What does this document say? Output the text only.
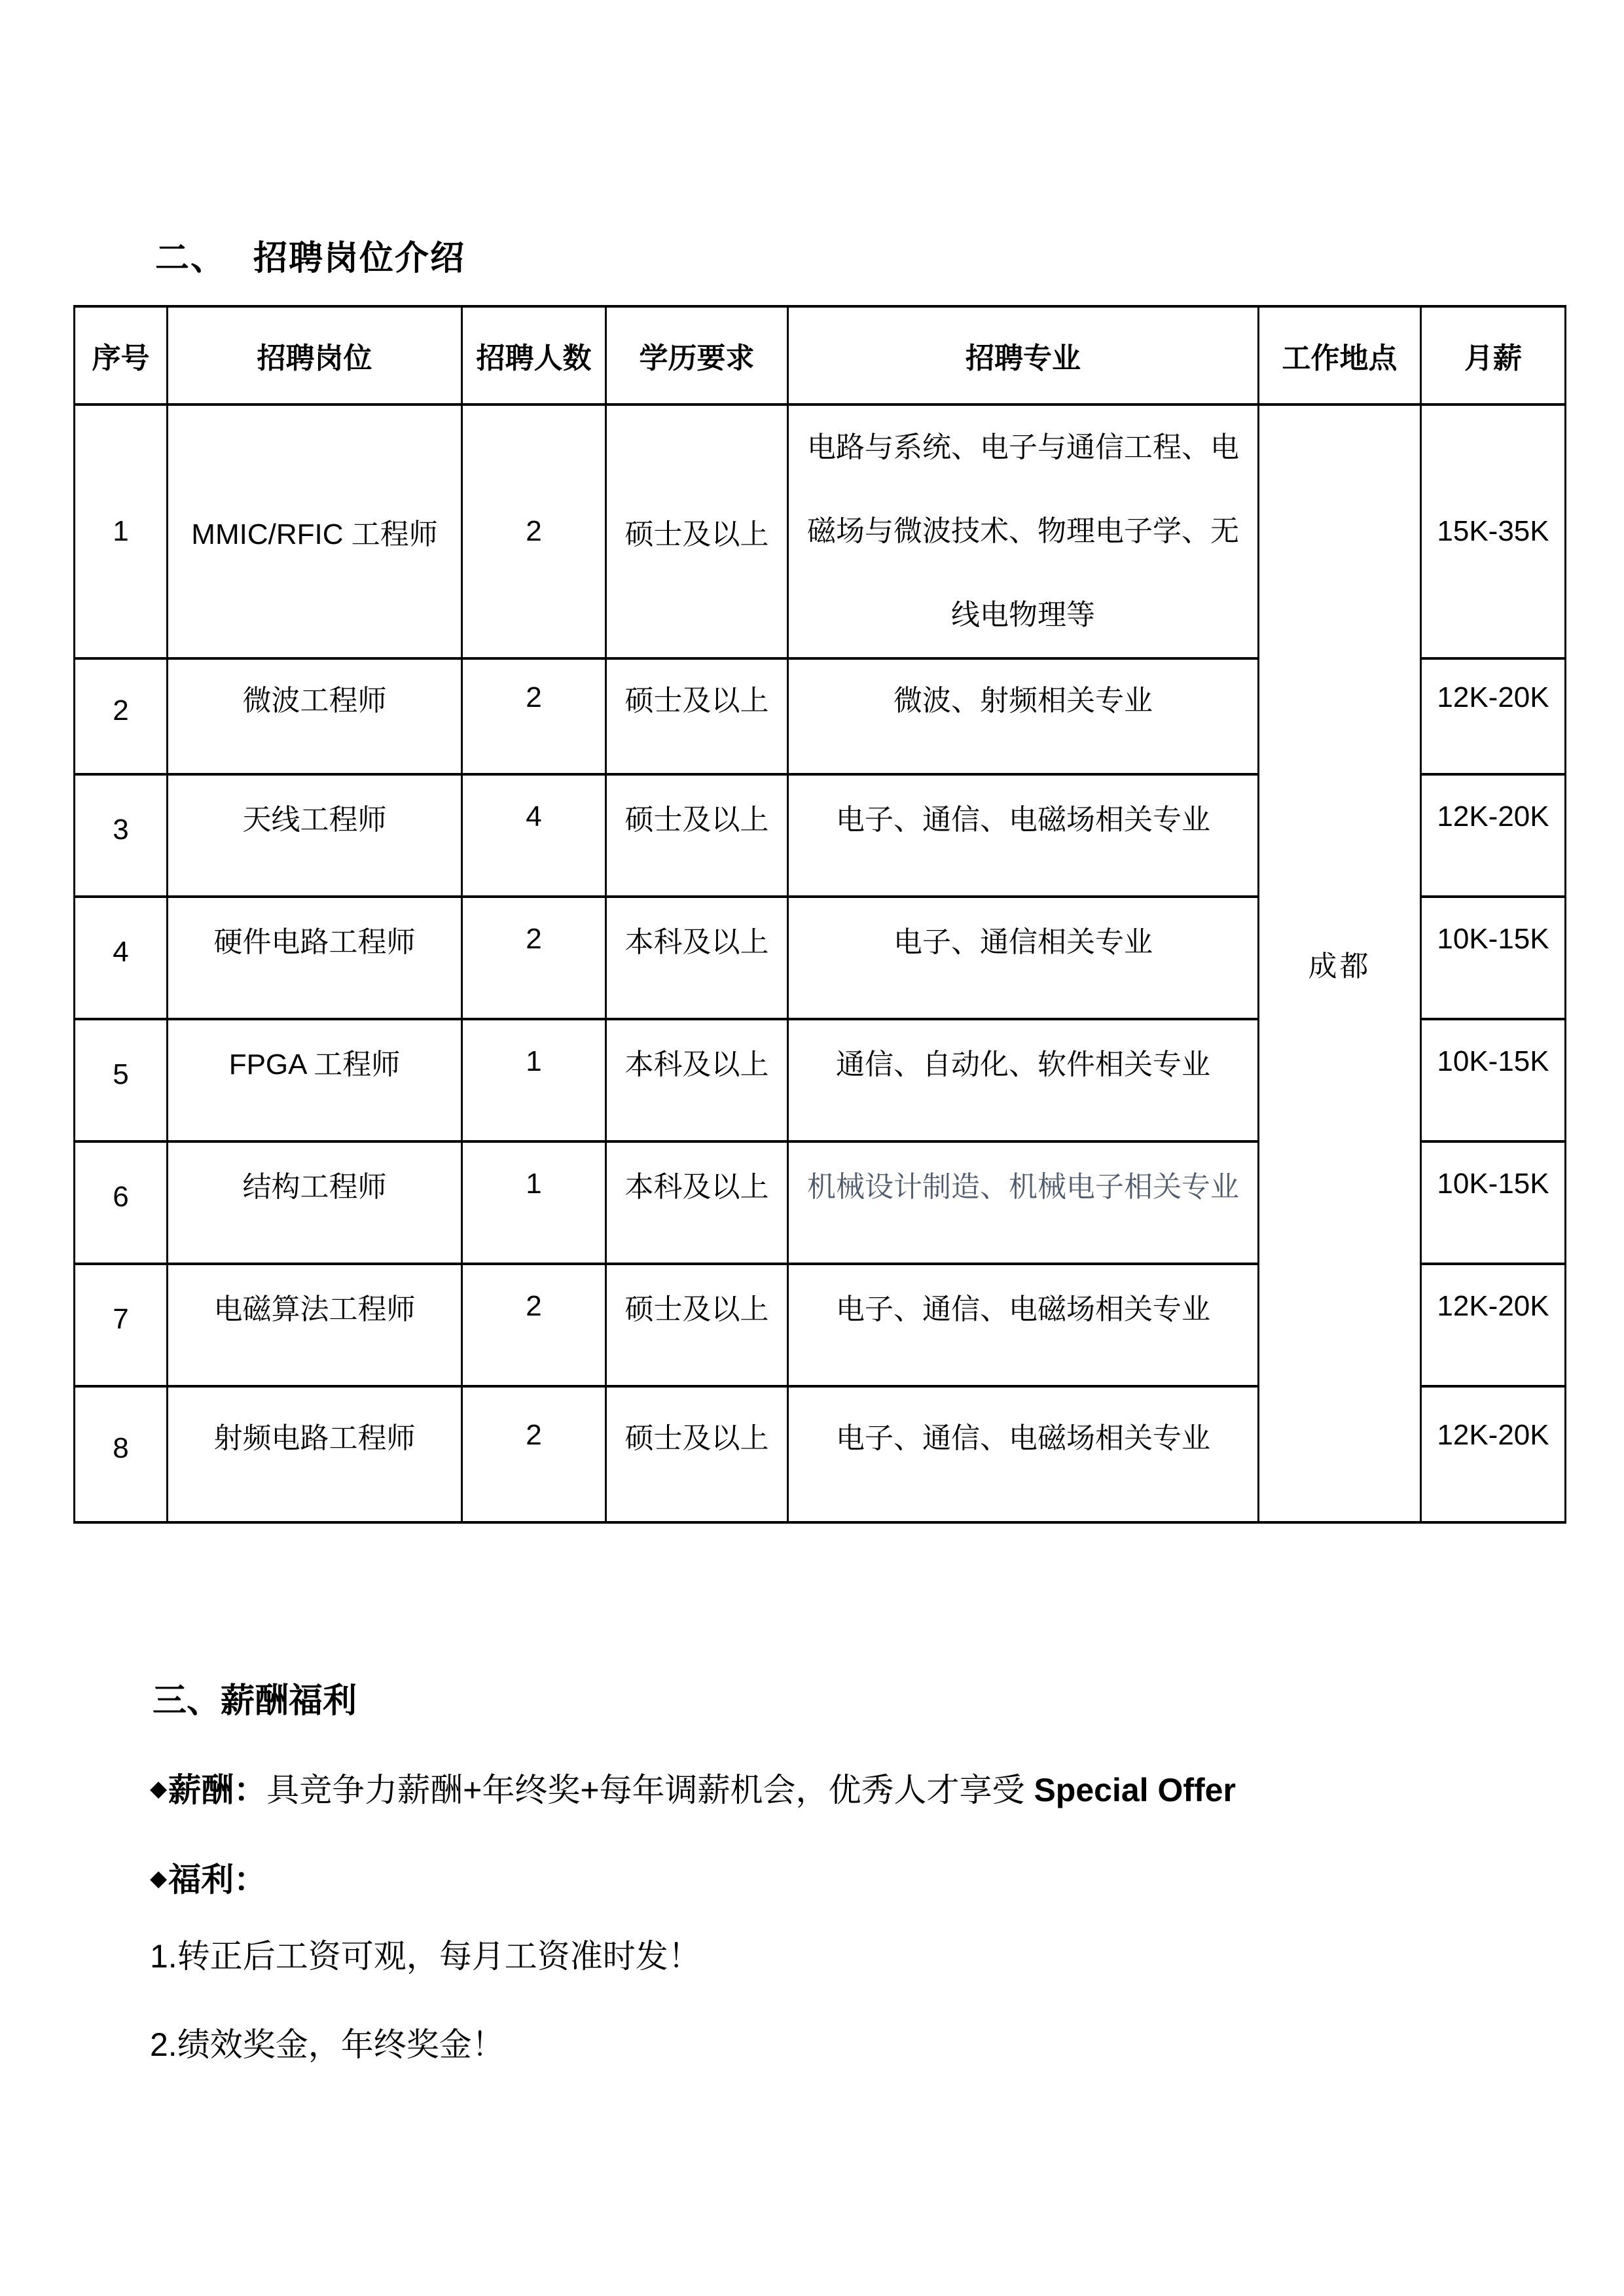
二、 招聘岗位介绍
序号	招聘岗位	招聘人数	学历要求	招聘专业	工作地点	月薪
1	MMIC/RFIC 工程师	2	硕士及以上	电路与系统、电子与通信工程、电
磁场与微波技术、物理电子学、无
线电物理等	成都	15K-35K
2	微波工程师	2	硕士及以上	微波、射频相关专业		12K-20K
3	天线工程师	4	硕士及以上	电子、通信、电磁场相关专业		12K-20K
4	硬件电路工程师	2	本科及以上	电子、通信相关专业		10K-15K
5	FPGA 工程师	1	本科及以上	通信、自动化、软件相关专业		10K-15K
6	结构工程师	1	本科及以上	机械设计制造、机械电子相关专业		10K-15K
7	电磁算法工程师	2	硕士及以上	电子、通信、电磁场相关专业		12K-20K
8	射频电路工程师	2	硕士及以上	电子、通信、电磁场相关专业		12K-20K
三、薪酬福利
◆薪酬：具竞争力薪酬+年终奖+每年调薪机会，优秀人才享受 Special Offer
◆福利：
1.转正后工资可观，每月工资准时发！
2.绩效奖金，年终奖金！
